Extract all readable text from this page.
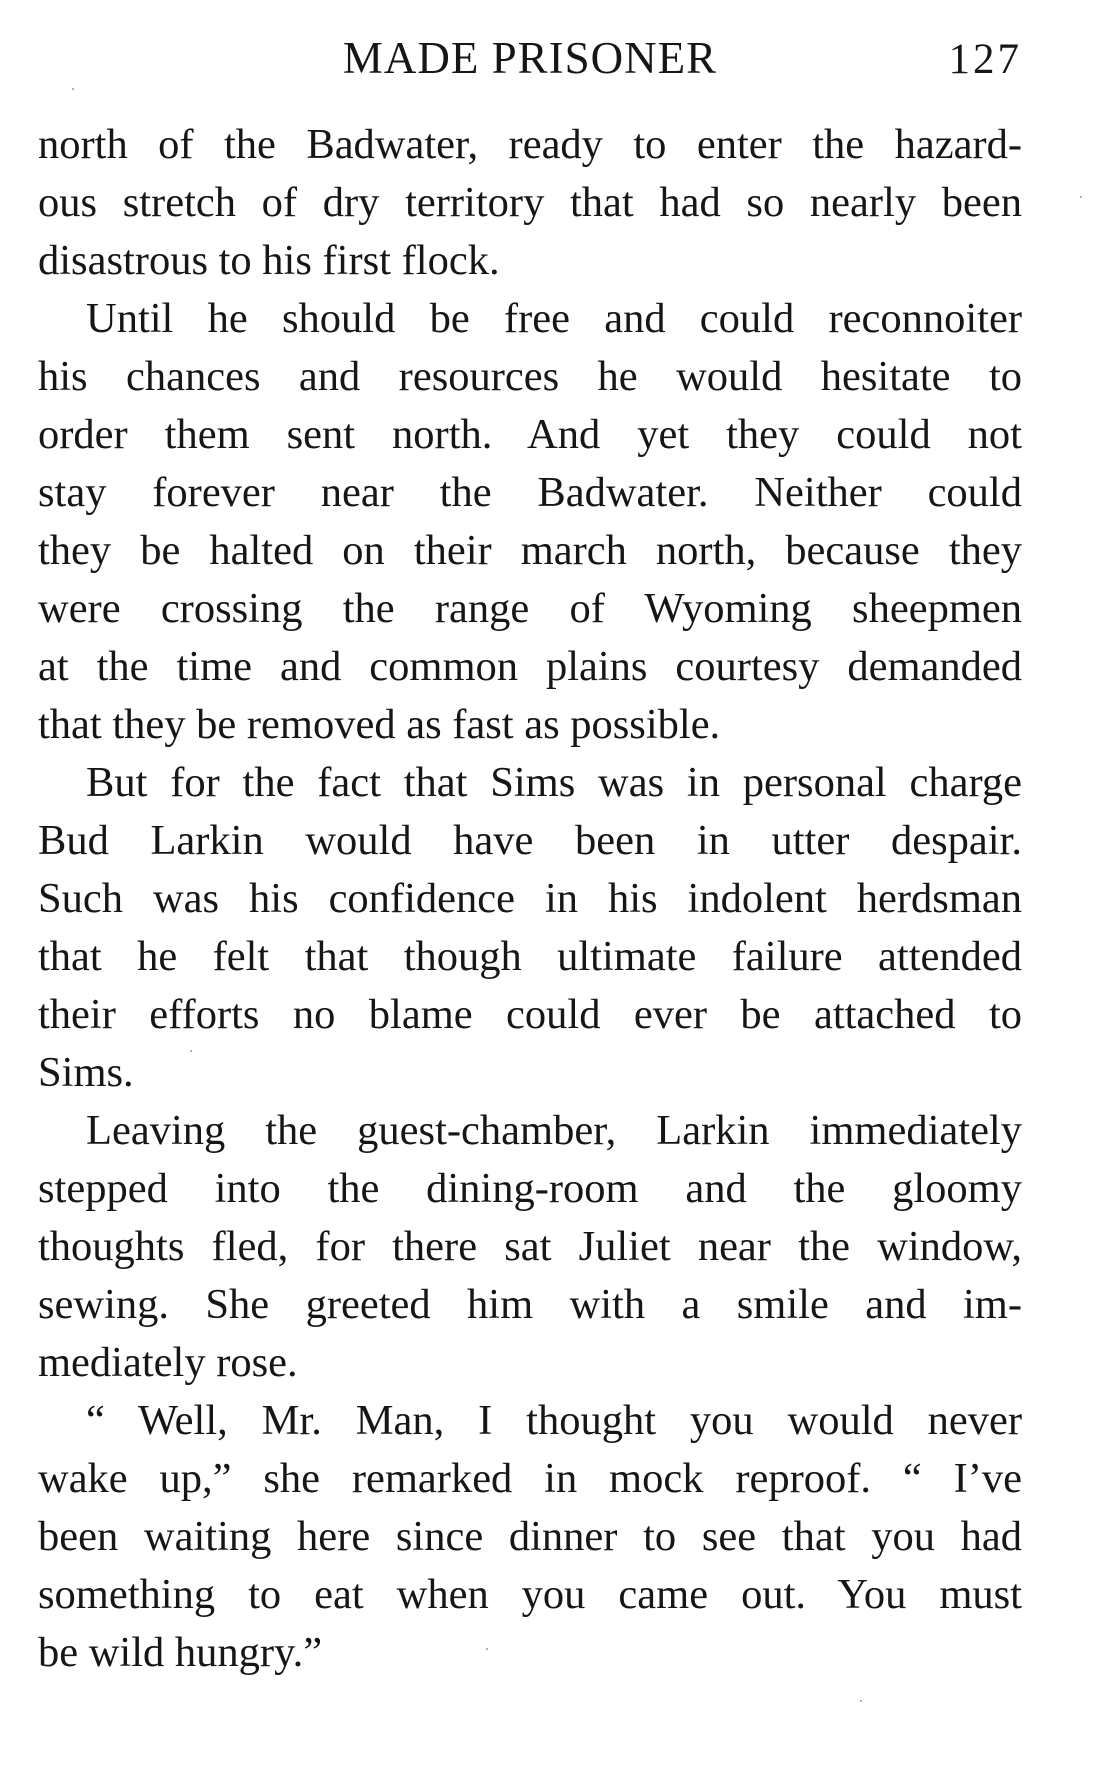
MADE PRISONER	127

north of the Badwater, ready to enter the hazard-
ous stretch of dry territory that had so nearly been
disastrous to his first flock.

Until he should be free and could reconnoiter
his chances and resources he would hesitate to
order them sent north. And yet they could not
stay forever near the Badwater. Neither could
they be halted on their march north, because they
were crossing the range of Wyoming sheepmen
at the time and common plains courtesy demanded
that they be removed as fast as possible.

But for the fact that Sims was in personal charge
Bud Larkin would have been in utter despair.
Such was his confidence in his indolent herdsman
that he felt that though ultimate failure attended
their efforts no blame could ever be attached to
Sims.

Leaving the guest-chamber, Larkin immediately
stepped into the dining-room and the gloomy
thoughts fled, for there sat Juliet near the window,
sewing. She greeted him with a smile and im-
mediately rose.

“ Well, Mr. Man, I thought you would never
wake up,” she remarked in mock reproof. “ I’ve
been waiting here since dinner to see that you had
something to eat when you came out. You must
be wild hungry.”
